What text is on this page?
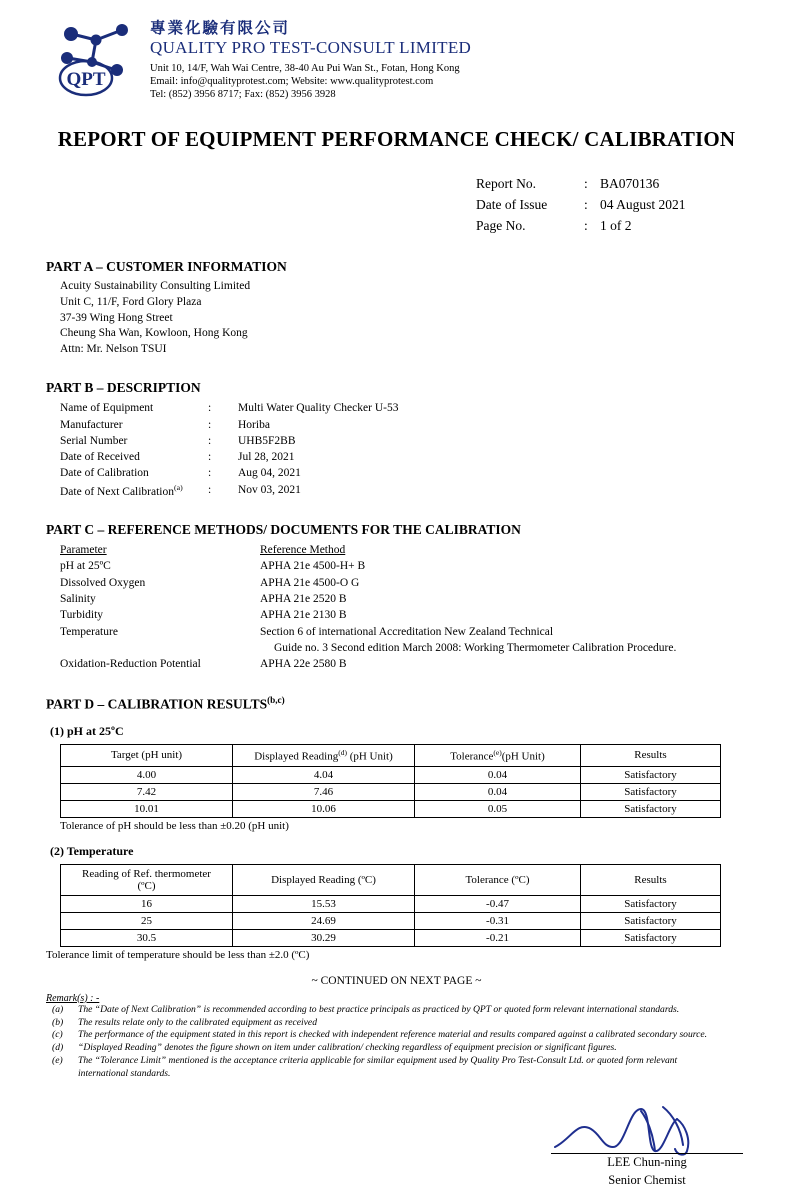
QPT
專業化驗有限公司
QUALITY PRO TEST-CONSULT LIMITED
Unit 10, 14/F, Wah Wai Centre, 38-40 Au Pui Wan St., Fotan, Hong Kong
Email: info@qualityprotest.com; Website: www.qualityprotest.com
Tel: (852) 3956 8717; Fax: (852) 3956 3928
REPORT OF EQUIPMENT PERFORMANCE CHECK/ CALIBRATION
Report No.	: BA070136
Date of Issue	: 04 August 2021
Page No.	: 1 of 2
PART A – CUSTOMER INFORMATION
Acuity Sustainability Consulting Limited
Unit C, 11/F, Ford Glory Plaza
37-39 Wing Hong Street
Cheung Sha Wan, Kowloon, Hong Kong
Attn: Mr. Nelson TSUI
PART B – DESCRIPTION
Name of Equipment	:	Multi Water Quality Checker U-53
Manufacturer	:	Horiba
Serial Number	:	UHB5F2BB
Date of Received	:	Jul 28, 2021
Date of Calibration	:	Aug 04, 2021
Date of Next Calibration$^{(a)}$	:	Nov 03, 2021
PART C – REFERENCE METHODS/ DOCUMENTS FOR THE CALIBRATION
Parameter	Reference Method
pH at 25ºC	APHA 21e 4500-H+ B
Dissolved Oxygen	APHA 21e 4500-O G
Salinity	APHA 21e 2520 B
Turbidity	APHA 21e 2130 B
Temperature	Section 6 of international Accreditation New Zealand Technical
Guide no. 3 Second edition March 2008: Working Thermometer Calibration Procedure.
Oxidation-Reduction Potential	APHA 22e 2580 B
PART D – CALIBRATION RESULTS$^{(b,c)}$
(1) pH at 25ºC
Target (pH unit)	Displayed Reading$^{(d)}$ (pH Unit)	Tolerance$^{(e)}$(pH Unit)	Results
4.00	4.04	0.04	Satisfactory
7.42	7.46	0.04	Satisfactory
10.01	10.06	0.05	Satisfactory
Tolerance of pH should be less than ±0.20 (pH unit)
(2) Temperature
Reading of Ref. thermometer
(ºC)	Displayed Reading (ºC)	Tolerance (ºC)	Results
16	15.53	-0.47	Satisfactory
25	24.69	-0.31	Satisfactory
30.5	30.29	-0.21	Satisfactory
Tolerance limit of temperature should be less than ±2.0 (ºC)
~ CONTINUED ON NEXT PAGE ~
Remark(s) : -
(a)	The “Date of Next Calibration” is recommended according to best practice principals as practiced by QPT or quoted form relevant international standards.
(b)	The results relate only to the calibrated equipment as received
(c)	The performance of the equipment stated in this report is checked with independent reference material and results compared against a calibrated secondary source.
(d)	“Displayed Reading” denotes the figure shown on item under calibration/ checking regardless of equipment precision or significant figures.
(e)	The “Tolerance Limit” mentioned is the acceptance criteria applicable for similar equipment used by Quality Pro Test-Consult Ltd. or quoted form relevant
international standards.
LEE Chun-ning
Senior Chemist
